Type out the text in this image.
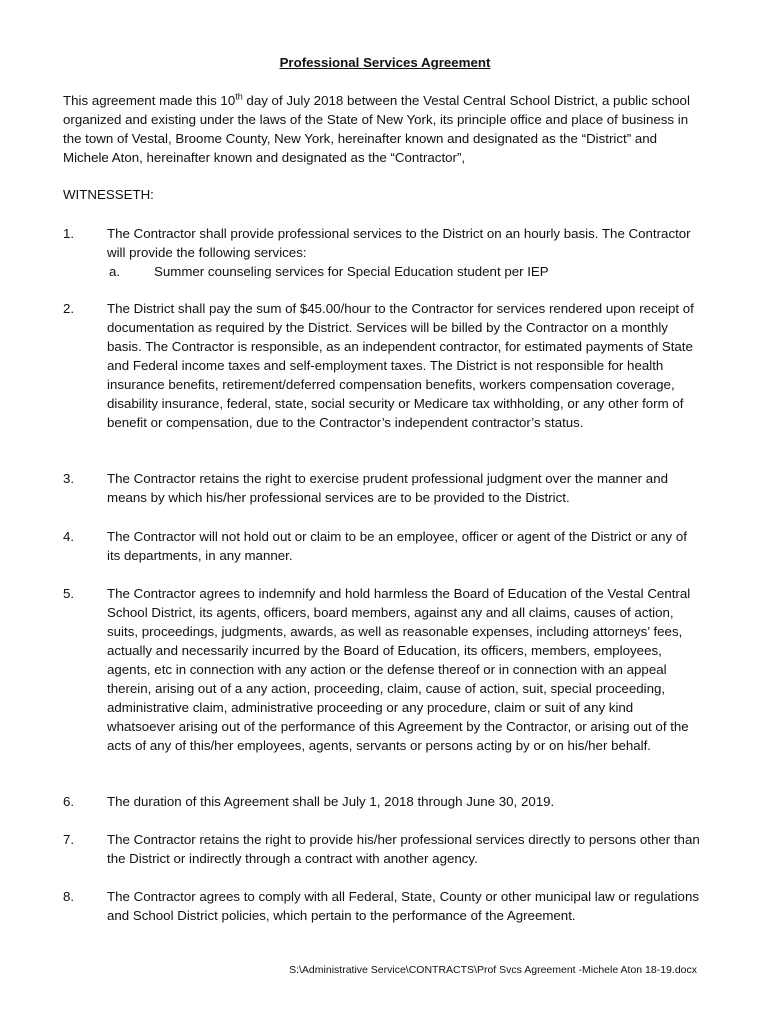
Professional Services Agreement
This agreement made this 10th day of July 2018 between the Vestal Central School District, a public school organized and existing under the laws of the State of New York, its principle office and place of business in the town of Vestal, Broome County, New York, hereinafter known and designated as the “District” and Michele Aton, hereinafter known and designated as the “Contractor”,
WITNESSETH:
1. The Contractor shall provide professional services to the District on an hourly basis. The Contractor will provide the following services:
a.	Summer counseling services for Special Education student per IEP
2. The District shall pay the sum of $45.00/hour to the Contractor for services rendered upon receipt of documentation as required by the District. Services will be billed by the Contractor on a monthly basis. The Contractor is responsible, as an independent contractor, for estimated payments of State and Federal income taxes and self-employment taxes. The District is not responsible for health insurance benefits, retirement/deferred compensation benefits, workers compensation coverage, disability insurance, federal, state, social security or Medicare tax withholding, or any other form of benefit or compensation, due to the Contractor’s independent contractor’s status.
3. The Contractor retains the right to exercise prudent professional judgment over the manner and means by which his/her professional services are to be provided to the District.
4. The Contractor will not hold out or claim to be an employee, officer or agent of the District or any of its departments, in any manner.
5. The Contractor agrees to indemnify and hold harmless the Board of Education of the Vestal Central School District, its agents, officers, board members, against any and all claims, causes of action, suits, proceedings, judgments, awards, as well as reasonable expenses, including attorneys’ fees, actually and necessarily incurred by the Board of Education, its officers, members, employees, agents, etc in connection with any action or the defense thereof or in connection with an appeal therein, arising out of a any action, proceeding, claim, cause of action, suit, special proceeding, administrative claim, administrative proceeding or any procedure, claim or suit of any kind whatsoever arising out of the performance of this Agreement by the Contractor, or arising out of the acts of any of this/her employees, agents, servants or persons acting by or on his/her behalf.
6. The duration of this Agreement shall be July 1, 2018 through June 30, 2019.
7. The Contractor retains the right to provide his/her professional services directly to persons other than the District or indirectly through a contract with another agency.
8. The Contractor agrees to comply with all Federal, State, County or other municipal law or regulations and School District policies, which pertain to the performance of the Agreement.
S:\Administrative Service\CONTRACTS\Prof Svcs Agreement -Michele Aton 18-19.docx
